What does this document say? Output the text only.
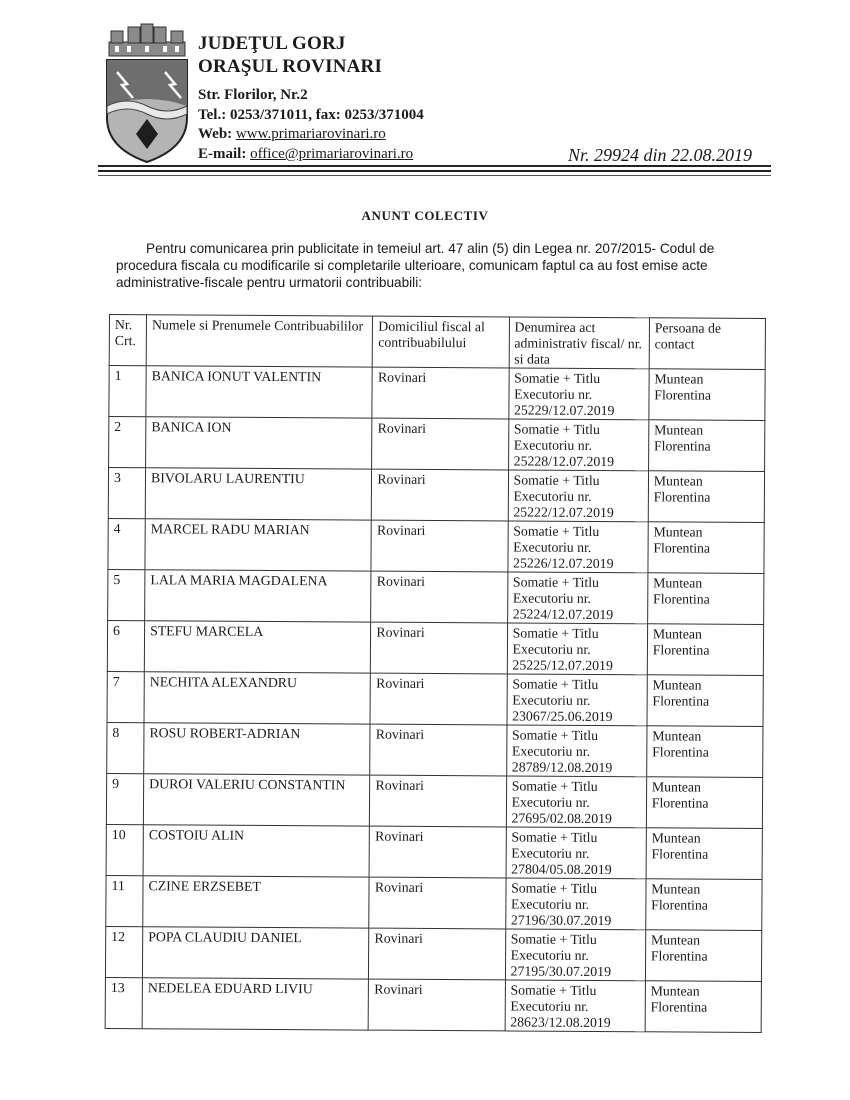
JUDEŢUL GORJ
ORAŞUL ROVINARI
Str. Florilor, Nr.2
Tel.: 0253/371011, fax: 0253/371004
Web: www.primariarovinari.ro
E-mail: office@primariarovinari.ro	Nr. 29924 din 22.08.2019
ANUNT COLECTIV
Pentru comunicarea prin publicitate in temeiul art. 47 alin (5) din Legea nr. 207/2015- Codul de procedura fiscala cu modificarile si completarile ulterioare, comunicam faptul ca au fost emise acte administrative-fiscale pentru urmatorii contribuabili:
Nr. Crt.	Numele si Prenumele Contribuabililor	Domiciliul fiscal al contribuabilului	Denumirea act administrativ fiscal/ nr. si data	Persoana de contact
1	BANICA IONUT VALENTIN	Rovinari	Somatie + Titlu Executoriu nr. 25229/12.07.2019	Muntean Florentina
2	BANICA ION	Rovinari	Somatie + Titlu Executoriu nr. 25228/12.07.2019	Muntean Florentina
3	BIVOLARU LAURENTIU	Rovinari	Somatie + Titlu Executoriu nr. 25222/12.07.2019	Muntean Florentina
4	MARCEL RADU MARIAN	Rovinari	Somatie + Titlu Executoriu nr. 25226/12.07.2019	Muntean Florentina
5	LALA MARIA MAGDALENA	Rovinari	Somatie + Titlu Executoriu nr. 25224/12.07.2019	Muntean Florentina
6	STEFU MARCELA	Rovinari	Somatie + Titlu Executoriu nr. 25225/12.07.2019	Muntean Florentina
7	NECHITA ALEXANDRU	Rovinari	Somatie + Titlu Executoriu nr. 23067/25.06.2019	Muntean Florentina
8	ROSU ROBERT-ADRIAN	Rovinari	Somatie + Titlu Executoriu nr. 28789/12.08.2019	Muntean Florentina
9	DUROI VALERIU CONSTANTIN	Rovinari	Somatie + Titlu Executoriu nr. 27695/02.08.2019	Muntean Florentina
10	COSTOIU ALIN	Rovinari	Somatie + Titlu Executoriu nr. 27804/05.08.2019	Muntean Florentina
11	CZINE ERZSEBET	Rovinari	Somatie + Titlu Executoriu nr. 27196/30.07.2019	Muntean Florentina
12	POPA CLAUDIU DANIEL	Rovinari	Somatie + Titlu Executoriu nr. 27195/30.07.2019	Muntean Florentina
13	NEDELEA EDUARD LIVIU	Rovinari	Somatie + Titlu Executoriu nr. 28623/12.08.2019	Muntean Florentina
